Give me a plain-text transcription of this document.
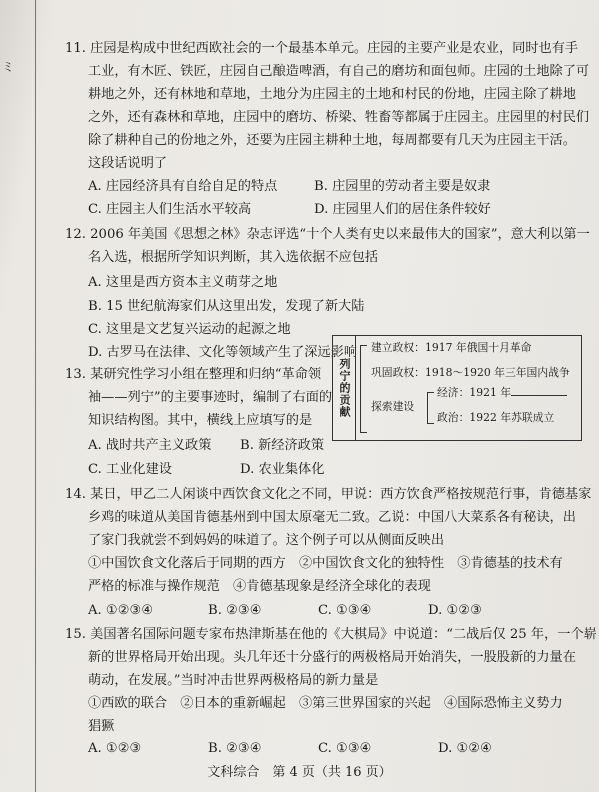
ミ
11. 庄园是构成中世纪西欧社会的一个最基本单元。庄园的主要产业是农业，同时也有手
工业，有木匠、铁匠，庄园自己酿造啤酒，有自己的磨坊和面包师。庄园的土地除了可
耕地之外，还有林地和草地，土地分为庄园主的土地和村民的份地，庄园主除了耕地
之外，还有森林和草地，庄园中的磨坊、桥梁、牲畜等都属于庄园主。庄园里的村民们
除了耕种自己的份地之外，还要为庄园主耕种土地，每周都要有几天为庄园主干活。
这段话说明了
A. 庄园经济具有自给自足的特点	B. 庄园里的劳动者主要是奴隶
C. 庄园主人们生活水平较高	D. 庄园里人们的居住条件较好
12. 2006 年美国《思想之林》杂志评选“十个人类有史以来最伟大的国家”，意大利以第一
名入选，根据所学知识判断，其入选依据不应包括
A. 这里是西方资本主义萌芽之地
B. 15 世纪航海家们从这里出发，发现了新大陆
C. 这里是文艺复兴运动的起源之地
D. 古罗马在法律、文化等领域产生了深远影响
13. 某研究性学习小组在整理和归纳“革命领
袖——列宁”的主要事迹时，编制了右面的
知识结构图。其中，横线上应填写的是
A. 战时共产主义政策 B. 新经济政策
C. 工业化建设	D. 农业集体化
列宁的贡献
建立政权：1917 年俄国十月革命
巩固政权：1918～1920 年三年国内战争
探索建设
经济：1921 年
政治：1922 年苏联成立
14. 某日，甲乙二人闲谈中西饮食文化之不同，甲说：西方饮食严格按规范行事，肯德基家
乡鸡的味道从美国肯德基州到中国太原毫无二致。乙说：中国八大菜系各有秘诀，出
了家门我就尝不到妈妈的味道了。这个例子可以从侧面反映出
①中国饮食文化落后于同期的西方　②中国饮食文化的独特性　③肯德基的技术有
严格的标准与操作规范　④肯德基现象是经济全球化的表现
A. ①②③④	B. ②③④	C. ①③④	D. ①②③
15. 美国著名国际问题专家布热津斯基在他的《大棋局》中说道：“二战后仅 25 年，一个崭
新的世界格局开始出现。头几年还十分盛行的两极格局开始消失，一股股新的力量在
萌动，在发展。”当时冲击世界两极格局的新力量是
①西欧的联合　②日本的重新崛起　③第三世界国家的兴起　④国际恐怖主义势力
猖獗
A. ①②③	B. ②③④	C. ①③④	D. ①②④
文科综合　第 4 页（共 16 页）
